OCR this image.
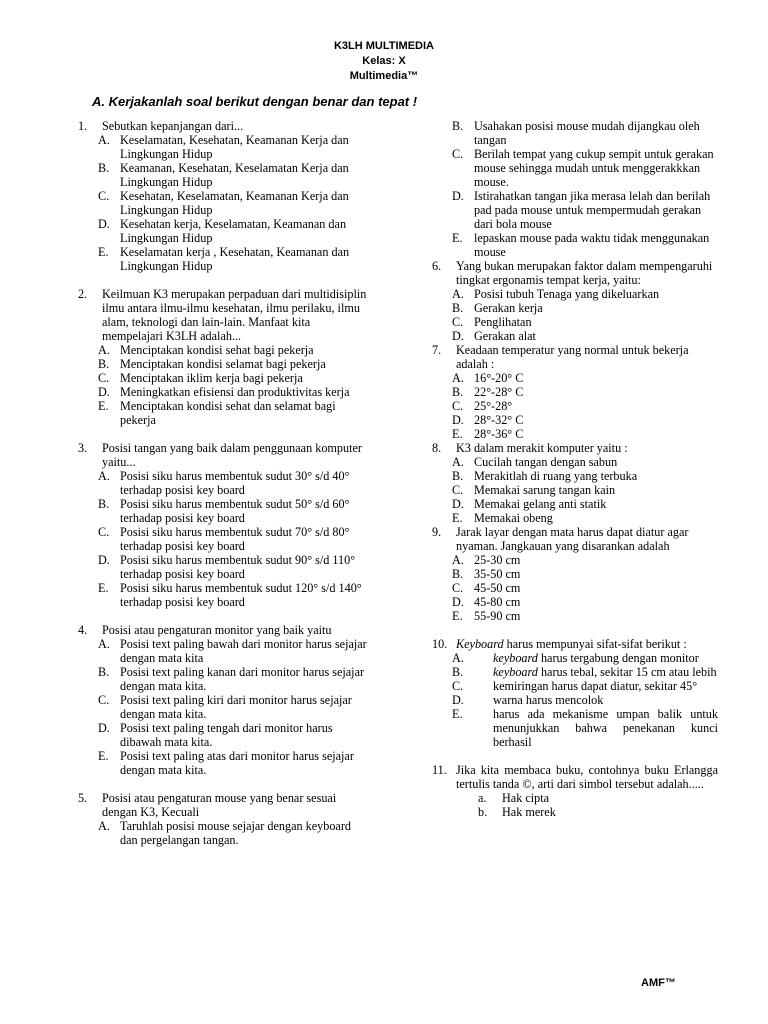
K3LH MULTIMEDIA
Kelas: X
Multimedia™
A. Kerjakanlah soal berikut dengan benar dan tepat !
1. Sebutkan kepanjangan dari...
A. Keselamatan, Kesehatan, Keamanan Kerja dan Lingkungan Hidup
B. Keamanan, Kesehatan, Keselamatan Kerja dan Lingkungan Hidup
C. Kesehatan, Keselamatan, Keamanan Kerja dan Lingkungan Hidup
D. Kesehatan kerja, Keselamatan, Keamanan dan Lingkungan Hidup
E. Keselamatan kerja , Kesehatan, Keamanan dan Lingkungan Hidup
2. Keilmuan K3 merupakan perpaduan dari multidisiplin ilmu antara ilmu-ilmu kesehatan, ilmu perilaku, ilmu alam, teknologi dan lain-lain. Manfaat kita mempelajari K3LH adalah...
A. Menciptakan kondisi sehat bagi pekerja
B. Menciptakan kondisi selamat bagi pekerja
C. Menciptakan iklim kerja bagi pekerja
D. Meningkatkan efisiensi dan produktivitas kerja
E. Menciptakan kondisi sehat dan selamat bagi pekerja
3. Posisi tangan yang baik dalam penggunaan komputer yaitu...
A. Posisi siku harus membentuk sudut 30° s/d 40° terhadap posisi key board
B. Posisi siku harus membentuk sudut 50° s/d 60° terhadap posisi key board
C. Posisi siku harus membentuk sudut 70° s/d 80° terhadap posisi key board
D. Posisi siku harus membentuk sudut 90° s/d 110° terhadap posisi key board
E. Posisi siku harus membentuk sudut 120° s/d 140° terhadap posisi key board
4. Posisi atau pengaturan monitor yang baik yaitu
A. Posisi text paling bawah dari monitor harus sejajar dengan mata kita
B. Posisi text paling kanan dari monitor harus sejajar dengan mata kita.
C. Posisi text paling kiri dari monitor harus sejajar dengan mata kita.
D. Posisi text paling tengah dari monitor harus dibawah mata kita.
E. Posisi text paling atas dari monitor harus sejajar dengan mata kita.
5. Posisi atau pengaturan mouse yang benar sesuai dengan K3, Kecuali
A. Taruhlah posisi mouse sejajar dengan keyboard dan pergelangan tangan.
B. Usahakan posisi mouse mudah dijangkau oleh tangan
C. Berilah tempat yang cukup sempit untuk gerakan mouse sehingga mudah untuk menggerakkkan mouse.
D. Istirahatkan tangan jika merasa lelah dan berilah pad pada mouse untuk mempermudah gerakan dari bola mouse
E. lepaskan mouse pada waktu tidak menggunakan mouse
6. Yang bukan merupakan faktor dalam mempengaruhi tingkat ergonamis tempat kerja, yaitu:
A. Posisi tubuh Tenaga yang dikeluarkan
B. Gerakan kerja
C. Penglihatan
D. Gerakan alat
7. Keadaan temperatur yang normal untuk bekerja adalah :
A. 16°-20° C
B. 22°-28° C
C. 25°-28°
D. 28°-32° C
E. 28°-36° C
8. K3 dalam merakit komputer yaitu :
A. Cucilah tangan dengan sabun
B. Merakitlah di ruang yang terbuka
C. Memakai sarung tangan kain
D. Memakai gelang anti statik
E. Memakai obeng
9. Jarak layar dengan mata harus dapat diatur agar nyaman. Jangkauan yang disarankan adalah
A. 25-30 cm
B. 35-50 cm
C. 45-50 cm
D. 45-80 cm
E. 55-90 cm
10. Keyboard harus mempunyai sifat-sifat berikut :
A. keyboard harus tergabung dengan monitor
B. keyboard harus tebal, sekitar 15 cm atau lebih
C. kemiringan harus dapat diatur, sekitar 45°
D. warna harus mencolok
E.	harus ada mekanisme umpan balik untuk menunjukkan bahwa penekanan kunci berhasil
11. Jika kita membaca buku, contohnya buku Erlangga tertulis tanda ©, arti dari simbol tersebut adalah.....
a. Hak cipta
b. Hak merek
AMF™
